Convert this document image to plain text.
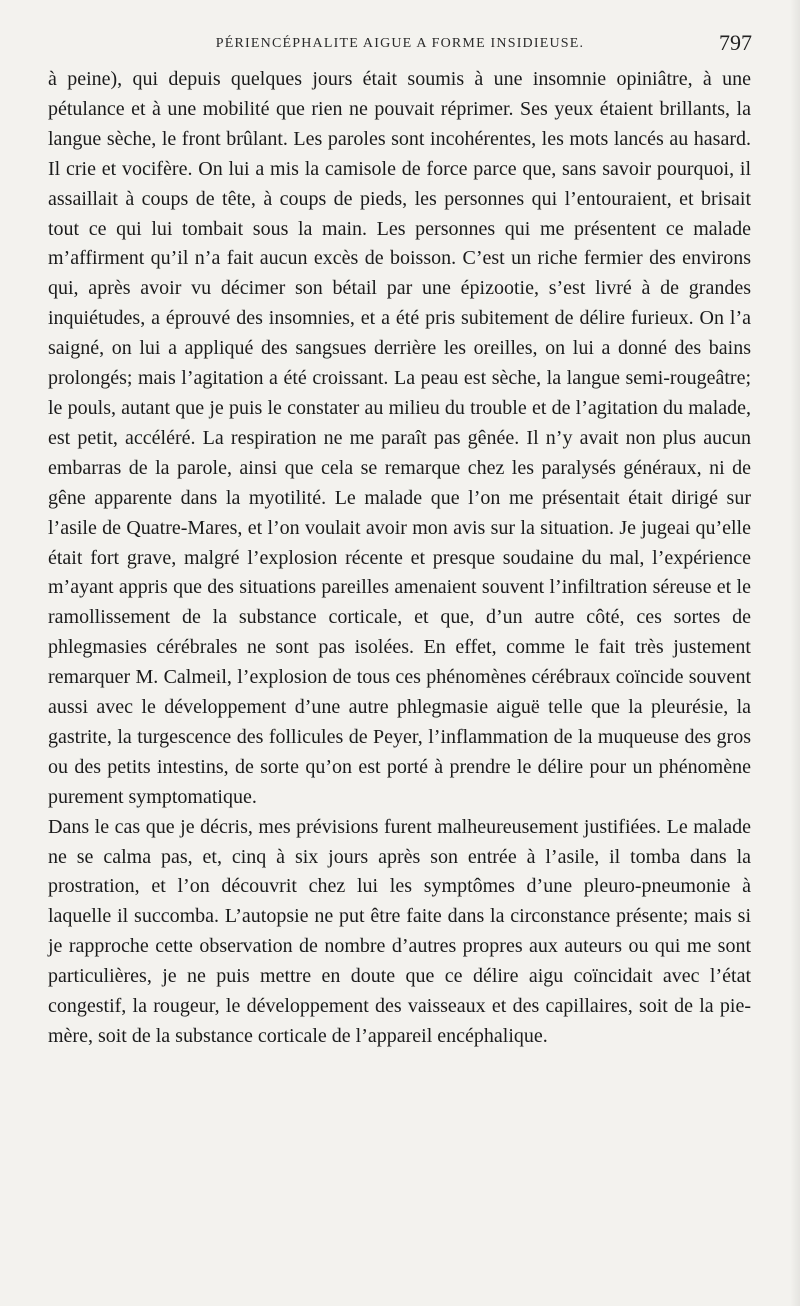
PÉRIENCÉPHALITE AIGUE A FORME INSIDIEUSE.	797

à peine), qui depuis quelques jours était soumis à une insomnie opiniâtre, à une pétulance et à une mobilité que rien ne pouvait réprimer. Ses yeux étaient brillants, la langue sèche, le front brûlant. Les paroles sont incohérentes, les mots lancés au hasard. Il crie et vocifère. On lui a mis la camisole de force parce que, sans savoir pourquoi, il assaillait à coups de tête, à coups de pieds, les personnes qui l’entouraient, et brisait tout ce qui lui tombait sous la main. Les personnes qui me présentent ce malade m’affirment qu’il n’a fait aucun excès de boisson. C’est un riche fermier des environs qui, après avoir vu décimer son bétail par une épizootie, s’est livré à de grandes inquiétudes, a éprouvé des insomnies, et a été pris subitement de délire furieux. On l’a saigné, on lui a appliqué des sangsues derrière les oreilles, on lui a donné des bains prolongés; mais l’agitation a été croissant. La peau est sèche, la langue semi-rougeâtre; le pouls, autant que je puis le constater au milieu du trouble et de l’agitation du malade, est petit, accéléré. La respiration ne me paraît pas gênée. Il n’y avait non plus aucun embarras de la parole, ainsi que cela se remarque chez les paralysés généraux, ni de gêne apparente dans la myotilité. Le malade que l’on me présentait était dirigé sur l’asile de Quatre-Mares, et l’on voulait avoir mon avis sur la situation. Je jugeai qu’elle était fort grave, malgré l’explosion récente et presque soudaine du mal, l’expérience m’ayant appris que des situations pareilles amenaient souvent l’infiltration séreuse et le ramollissement de la substance corticale, et que, d’un autre côté, ces sortes de phlegmasies cérébrales ne sont pas isolées. En effet, comme le fait très justement remarquer M. Calmeil, l’explosion de tous ces phénomènes cérébraux coïncide souvent aussi avec le développement d’une autre phlegmasie aiguë telle que la pleurésie, la gastrite, la turgescence des follicules de Peyer, l’inflammation de la muqueuse des gros ou des petits intestins, de sorte qu’on est porté à prendre le délire pour un phénomène purement symptomatique.

Dans le cas que je décris, mes prévisions furent malheureusement justifiées. Le malade ne se calma pas, et, cinq à six jours après son entrée à l’asile, il tomba dans la prostration, et l’on découvrit chez lui les symptômes d’une pleuro-pneumonie à laquelle il succomba. L’autopsie ne put être faite dans la circonstance présente; mais si je rapproche cette observation de nombre d’autres propres aux auteurs ou qui me sont particulières, je ne puis mettre en doute que ce délire aigu coïncidait avec l’état congestif, la rougeur, le développement des vaisseaux et des capillaires, soit de la pie-mère, soit de la substance corticale de l’appareil encéphalique.
